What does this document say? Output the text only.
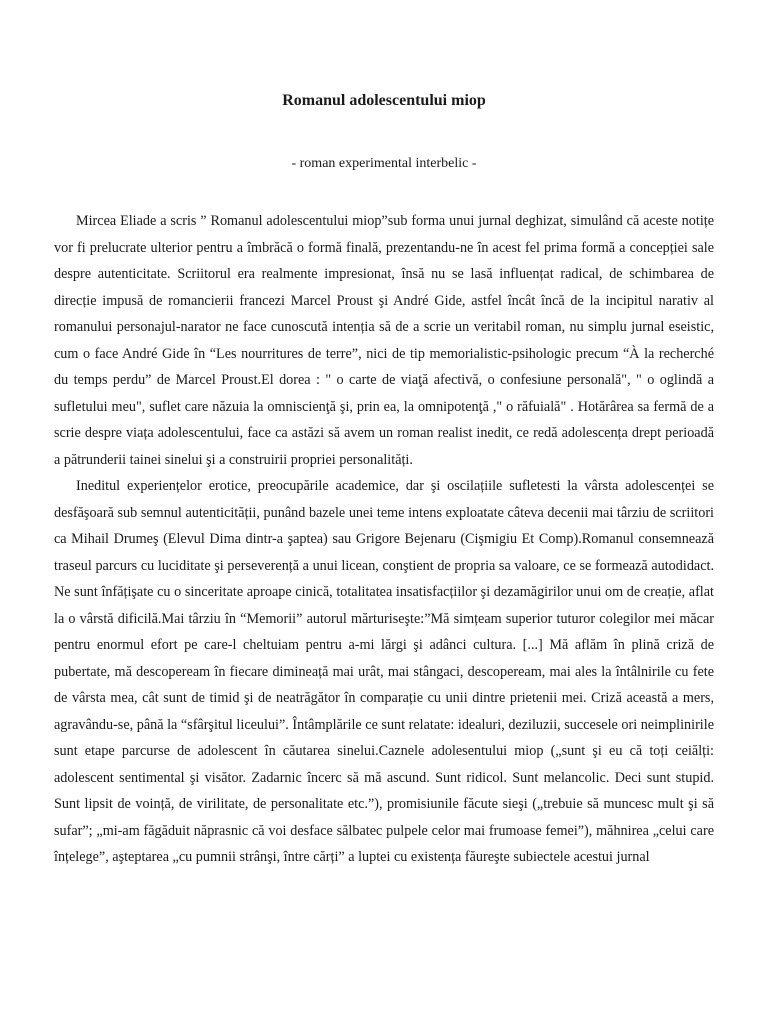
Romanul adolescentului miop

- roman experimental interbelic -

Mircea Eliade a scris ” Romanul adolescentului miop”sub forma unui jurnal deghizat, simulând că aceste notițe vor fi prelucrate ulterior pentru a îmbrăcă o formă finală, prezentandu-ne în acest fel prima formă a concepției sale despre autenticitate. Scriitorul era realmente impresionat, însă nu se lasă influențat radical, de schimbarea de direcție impusă de romancierii francezi Marcel Proust şi André Gide, astfel încât încă de la incipitul narativ al romanului personajul-narator ne face cunoscută intenția să de a scrie un veritabil roman, nu simplu jurnal eseistic, cum o face André Gide în “Les nourritures de terre”, nici de tip memorialistic-psihologic precum “À la recherché du temps perdu” de Marcel Proust.El dorea : " o carte de viaţă afectivă, o confesiune personală", " o oglindă a sufletului meu", suflet care năzuia la omniscienţă şi, prin ea, la omnipotenţă ," o răfuială" . Hotărârea sa fermă de a scrie despre viața adolescentului, face ca astăzi să avem un roman realist inedit, ce redă adolescența drept perioadă a pătrunderii tainei sinelui şi a construirii propriei personalități.

Ineditul experiențelor erotice, preocupările academice, dar şi oscilațiile sufletesti la vârsta adolescenței se desfăşoară sub semnul autenticității, punând bazele unei teme intens exploatate câteva decenii mai târziu de scriitori ca Mihail Drumeş (Elevul Dima dintr-a şaptea) sau Grigore Bejenaru (Cişmigiu Et Comp).Romanul consemnează traseul parcurs cu luciditate şi perseverență a unui licean, conştient de propria sa valoare, ce se formează autodidact. Ne sunt înfățişate cu o sinceritate aproape cinică, totalitatea insatisfacțiilor şi dezamăgirilor unui om de creație, aflat la o vârstă dificilă.Mai târziu în “Memorii” autorul mărturiseşte:”Mă simțeam superior tuturor colegilor mei măcar pentru enormul efort pe care-l cheltuiam pentru a-mi lărgi şi adânci cultura. [...] Mă aflăm în plină criză de pubertate, mă descopeream în fiecare dimineață mai urât, mai stângaci, descopeream, mai ales la întâlnirile cu fete de vârsta mea, cât sunt de timid şi de neatrăgător în comparație cu unii dintre prietenii mei. Criză această a mers, agravându-se, până la “sfârşitul liceului”. Întâmplările ce sunt relatate: idealuri, deziluzii, succesele ori neimplinirile sunt etape parcurse de adolescent în căutarea sinelui.Caznele adolesentului miop („sunt şi eu că toți ceiălți: adolescent sentimental şi visător. Zadarnic încerc să mă ascund. Sunt ridicol. Sunt melancolic. Deci sunt stupid. Sunt lipsit de voință, de virilitate, de personalitate etc.”), promisiunile făcute sieşi („trebuie să muncesc mult şi să sufar”; „mi-am făgăduit năprasnic că voi desface sălbatec pulpele celor mai frumoase femei”), măhnirea „celui care înțelege”, aşteptarea „cu pumnii strânşi, între cărți” a luptei cu existența făureşte subiectele acestui jurnal
